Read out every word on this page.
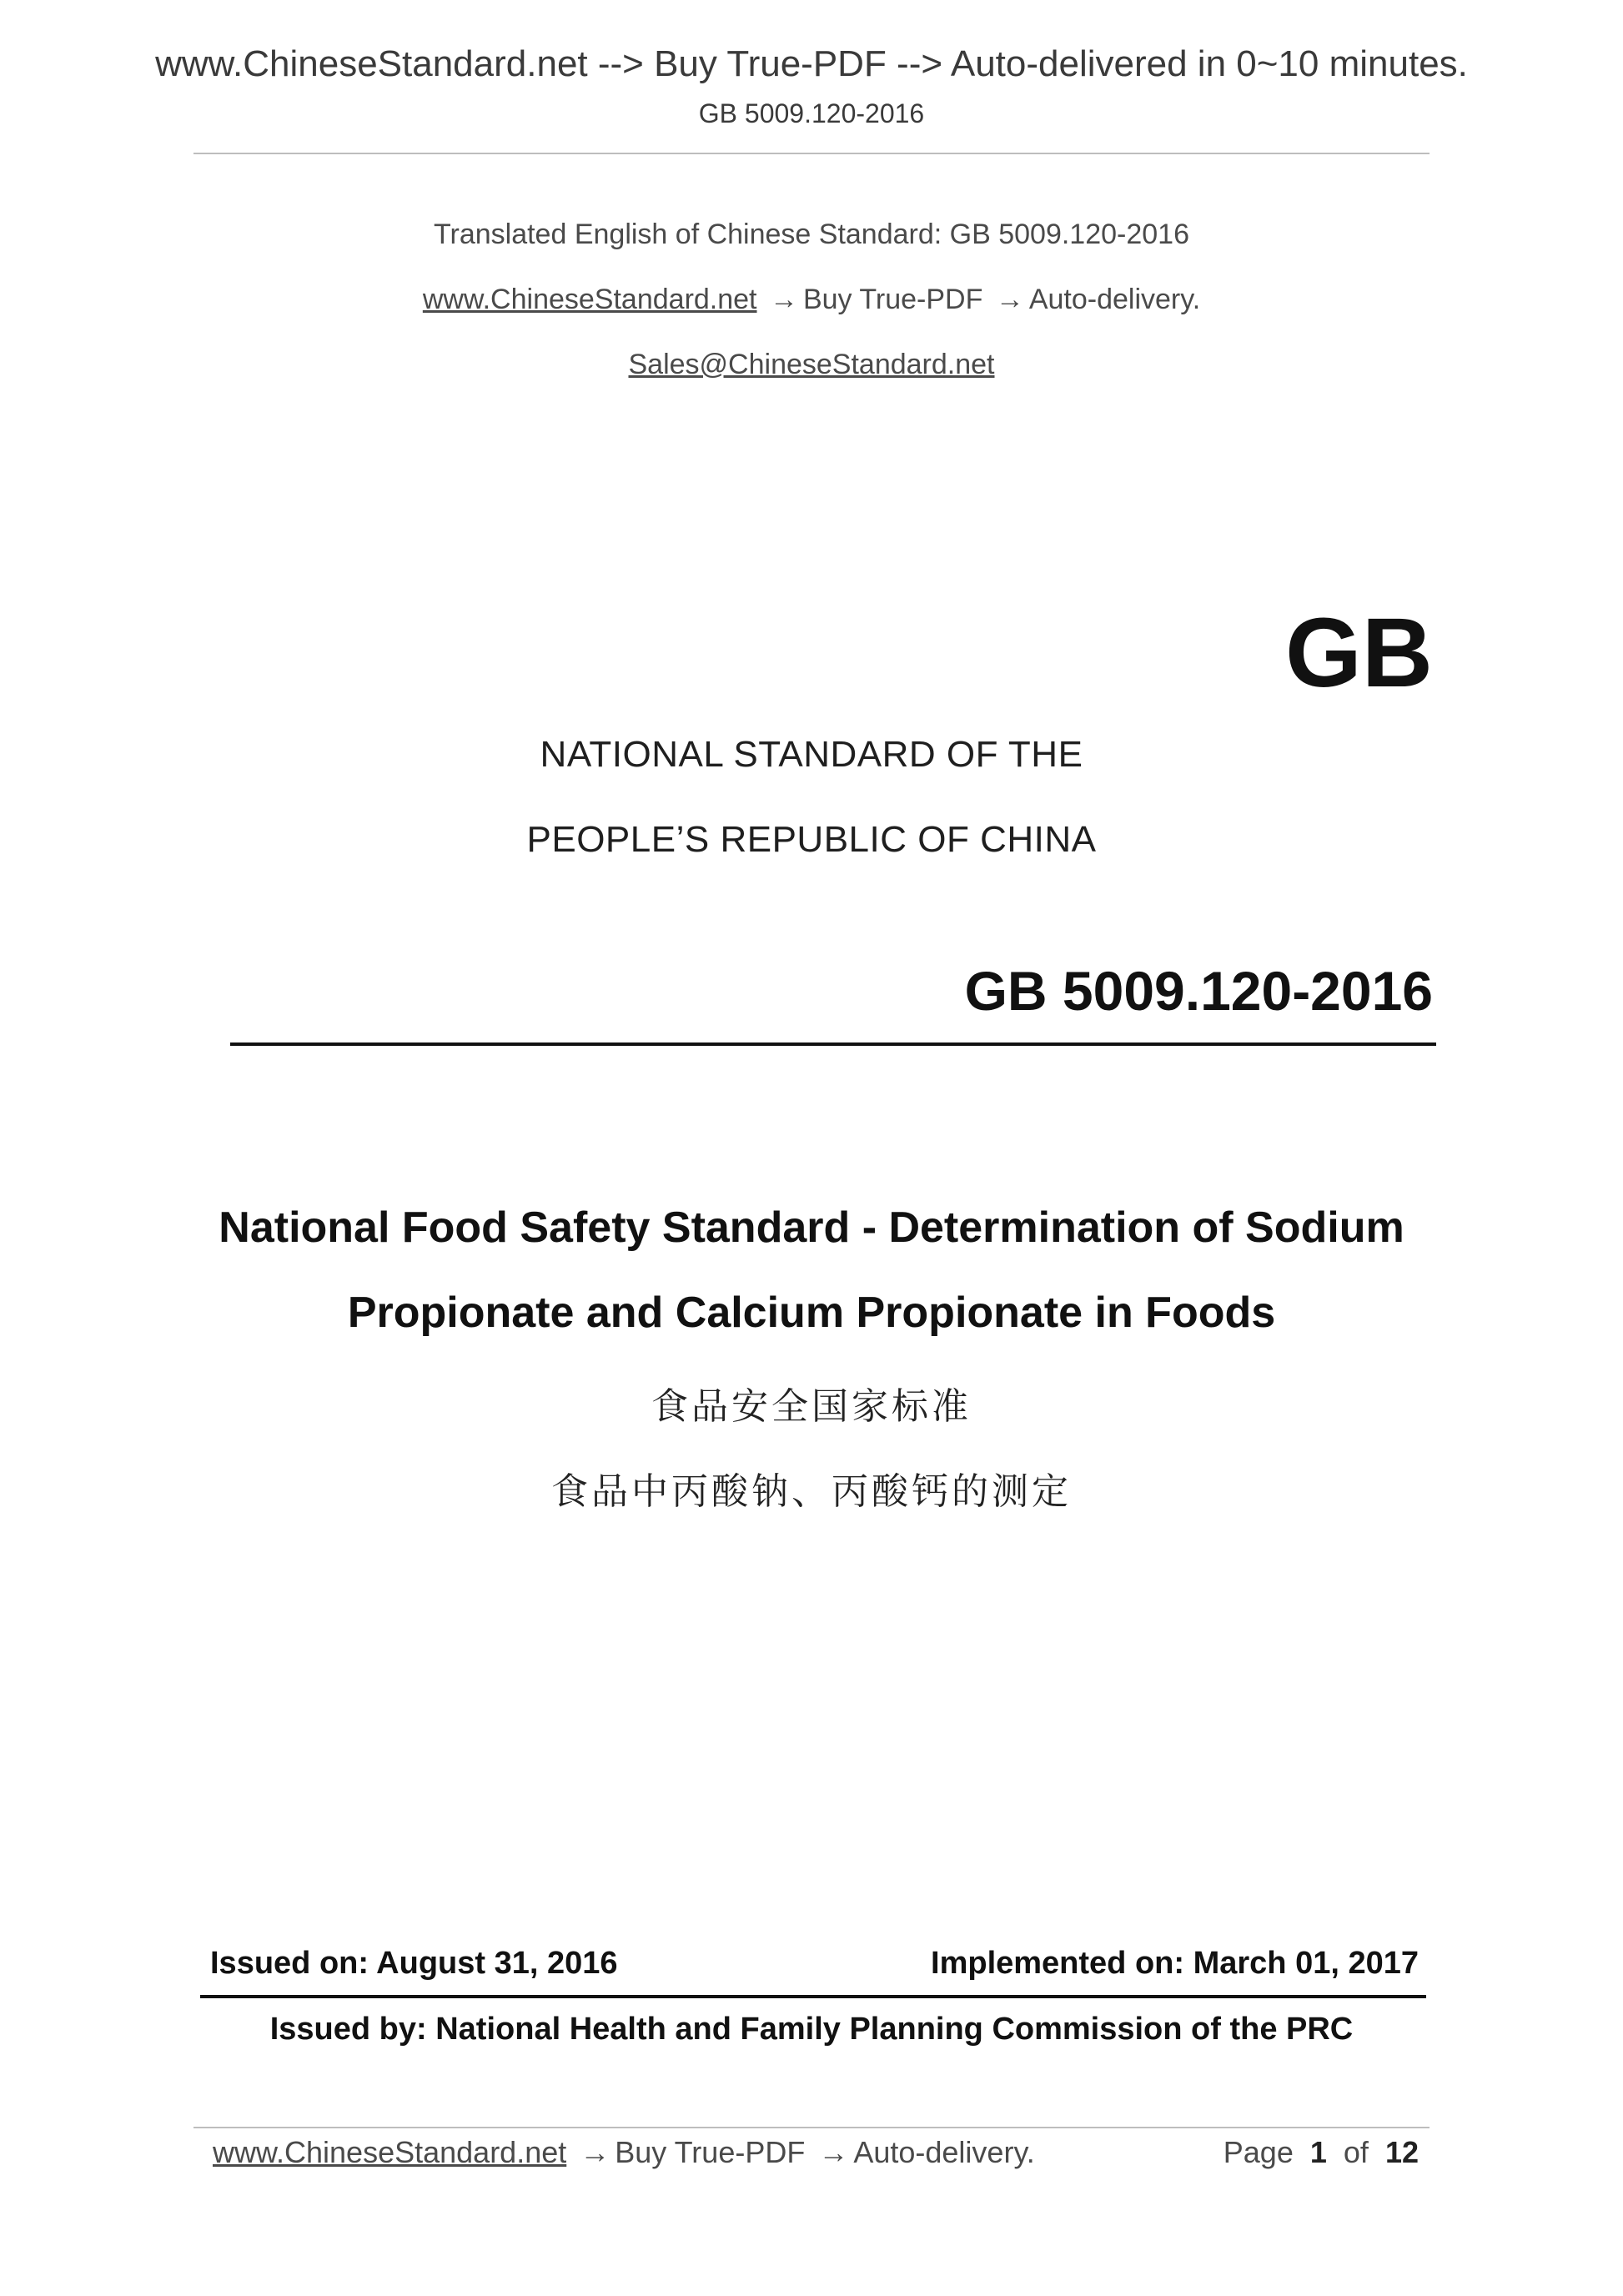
www.ChineseStandard.net --> Buy True-PDF --> Auto-delivered in 0~10 minutes.
GB 5009.120-2016
Translated English of Chinese Standard: GB 5009.120-2016
www.ChineseStandard.net → Buy True-PDF → Auto-delivery.
Sales@ChineseStandard.net
GB
NATIONAL STANDARD OF THE
PEOPLE’S REPUBLIC OF CHINA
GB 5009.120-2016
National Food Safety Standard - Determination of Sodium
Propionate and Calcium Propionate in Foods
食品安全国家标准
食品中丙酸钠、丙酸钙的测定
Issued on: August 31, 2016	Implemented on: March 01, 2017
Issued by: National Health and Family Planning Commission of the PRC
www.ChineseStandard.net → Buy True-PDF → Auto-delivery.	Page 1 of 12
